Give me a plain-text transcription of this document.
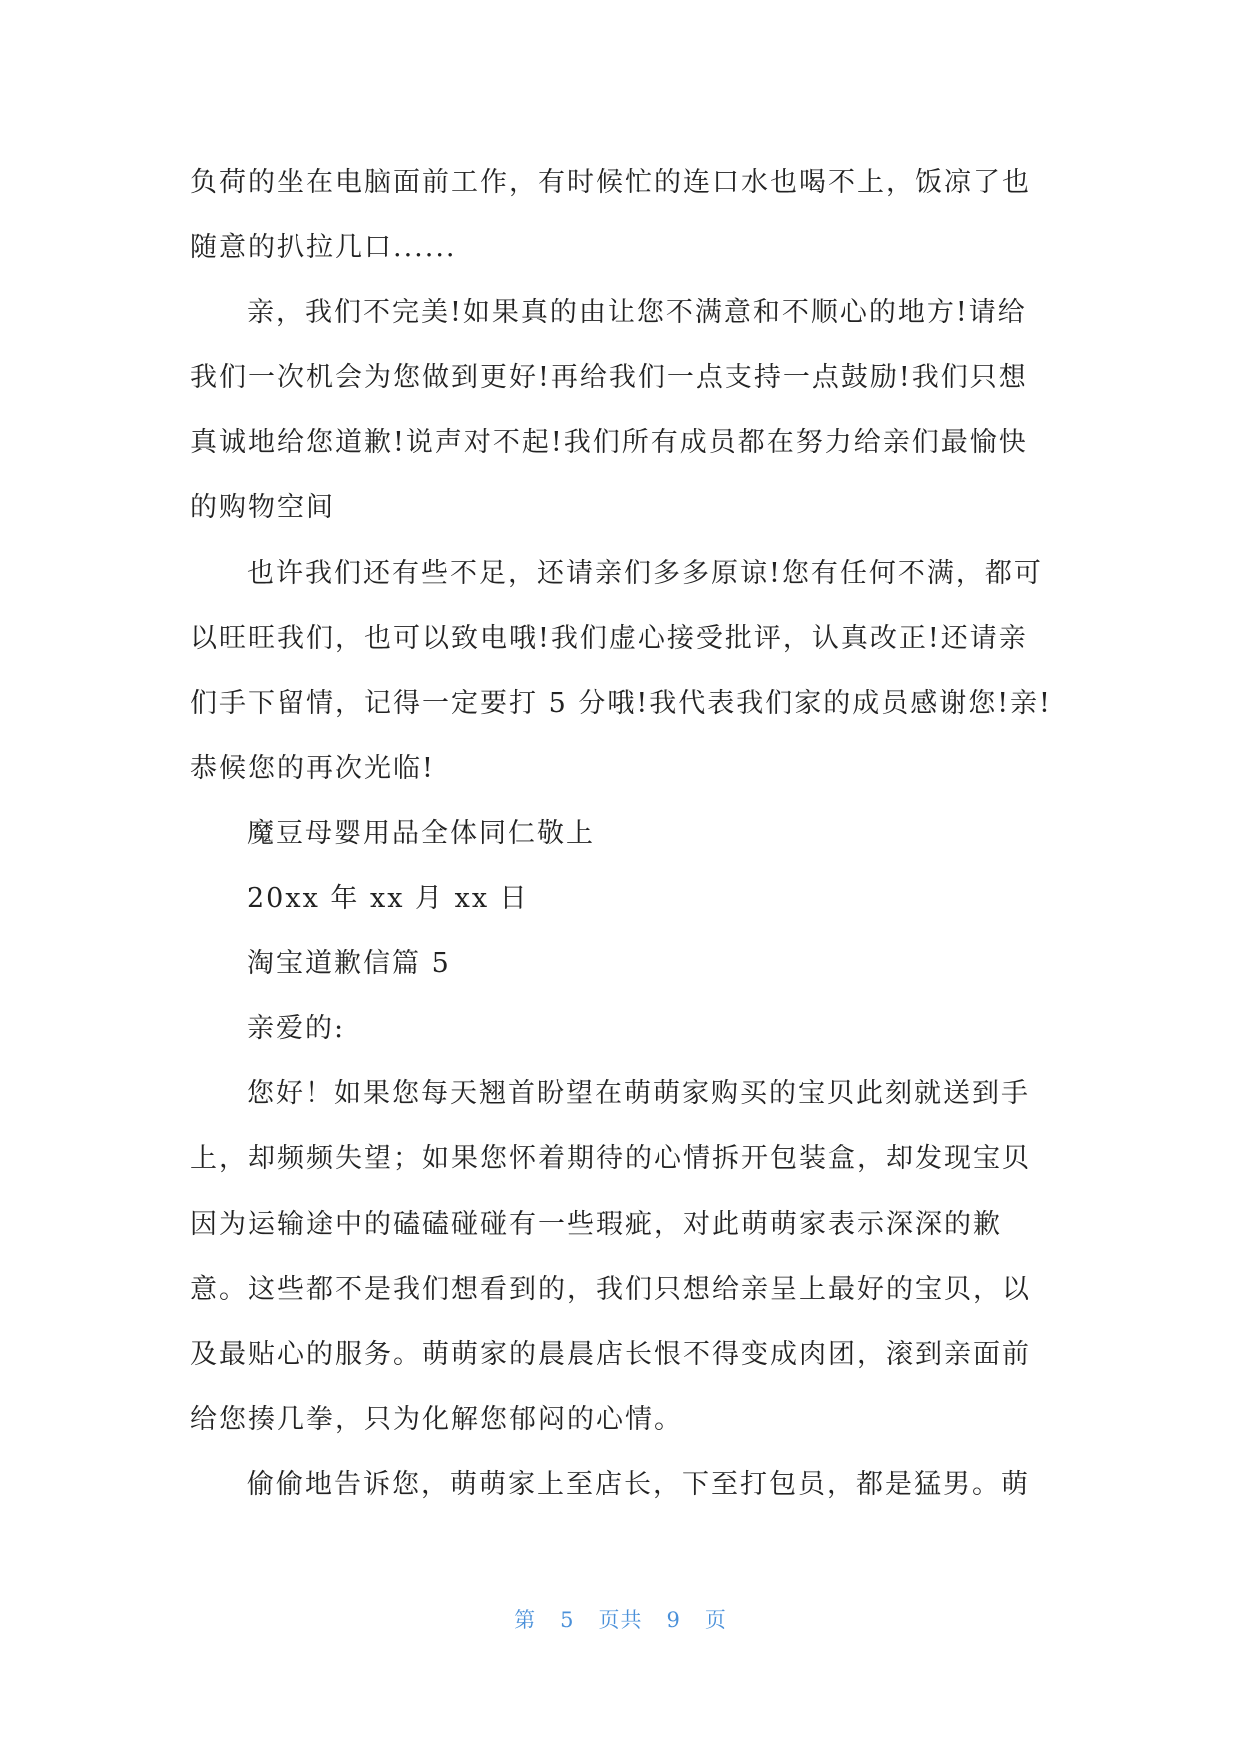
负荷的坐在电脑面前工作，有时候忙的连口水也喝不上，饭凉了也
随意的扒拉几口......
亲，我们不完美!如果真的由让您不满意和不顺心的地方!请给
我们一次机会为您做到更好!再给我们一点支持一点鼓励!我们只想
真诚地给您道歉!说声对不起!我们所有成员都在努力给亲们最愉快
的购物空间
也许我们还有些不足，还请亲们多多原谅!您有任何不满，都可
以旺旺我们，也可以致电哦!我们虚心接受批评，认真改正!还请亲
们手下留情，记得一定要打 5 分哦!我代表我们家的成员感谢您!亲!
恭候您的再次光临!
魔豆母婴用品全体同仁敬上
20xx 年 xx 月 xx 日
淘宝道歉信篇 5
亲爱的:
您好！如果您每天翘首盼望在萌萌家购买的宝贝此刻就送到手
上，却频频失望；如果您怀着期待的心情拆开包装盒，却发现宝贝
因为运输途中的磕磕碰碰有一些瑕疵，对此萌萌家表示深深的歉
意。这些都不是我们想看到的，我们只想给亲呈上最好的宝贝，以
及最贴心的服务。萌萌家的晨晨店长恨不得变成肉团，滚到亲面前
给您揍几拳，只为化解您郁闷的心情。
偷偷地告诉您，萌萌家上至店长，下至打包员，都是猛男。萌
第 5 页共 9 页
